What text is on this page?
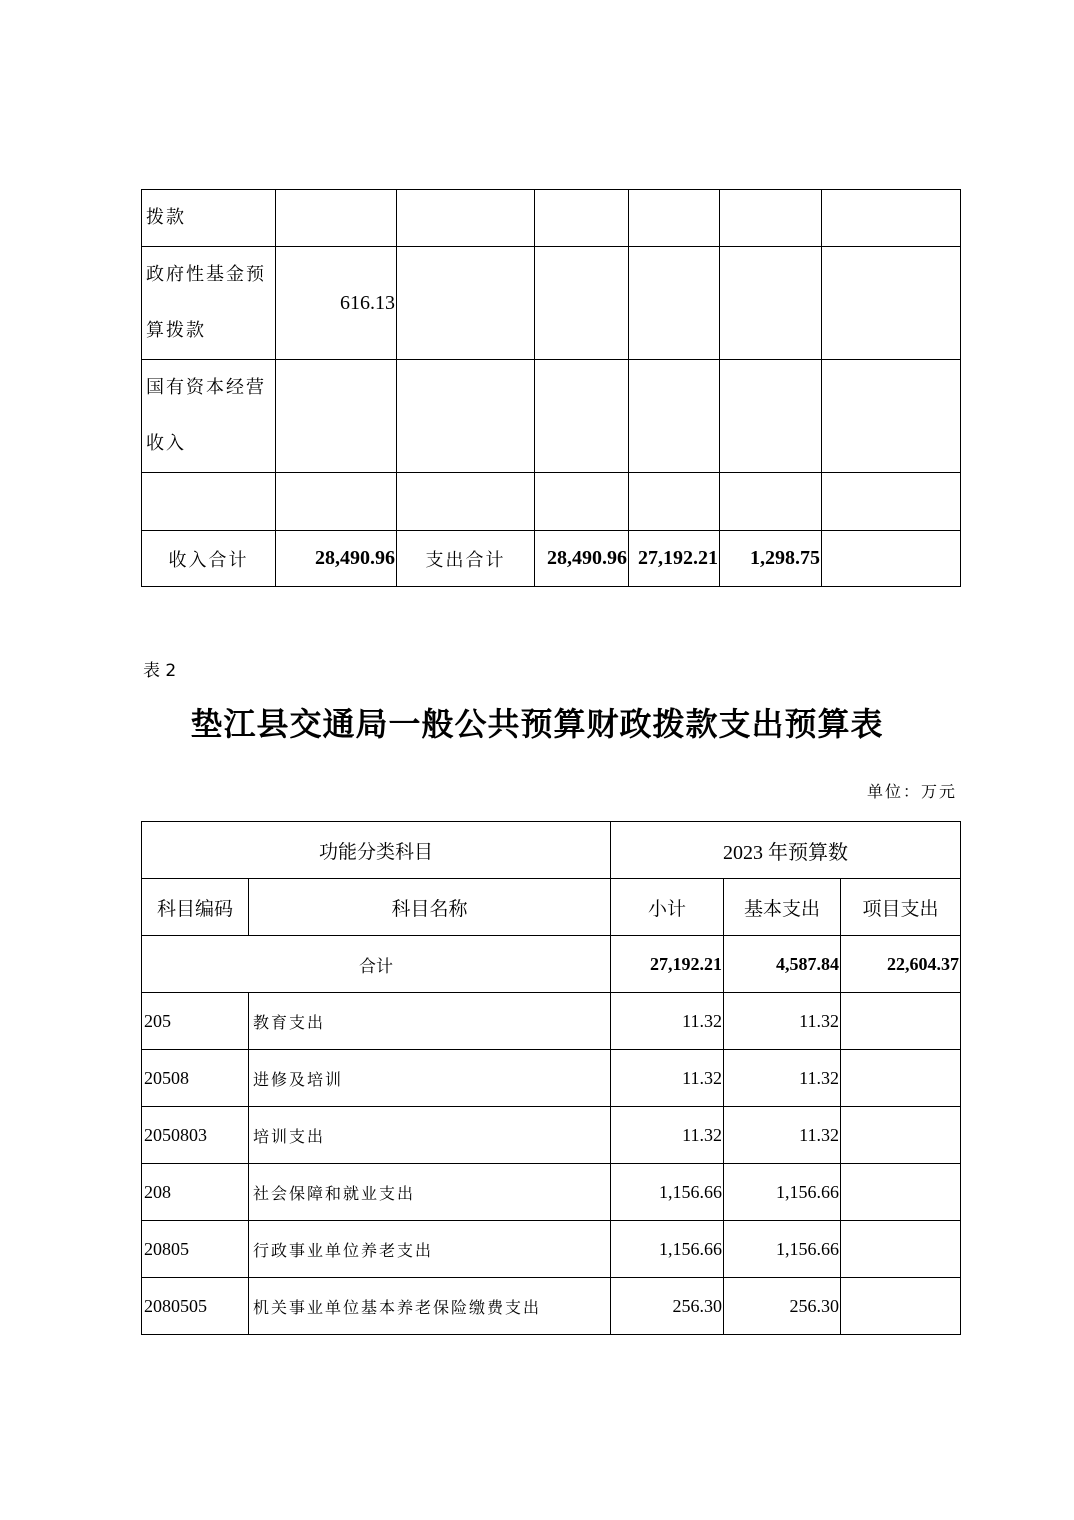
拨款						
政府性基金预算拨款	616.13					
国有资本经营收入						

收入合计	28,490.96	支出合计	28,490.96	27,192.21	1,298.75	
表 2
垫江县交通局一般公共预算财政拨款支出预算表
单位：万元
功能分类科目		2023 年预算数		
科目编码	科目名称	小计	基本支出	项目支出
合计		27,192.21	4,587.84	22,604.37
205	教育支出	11.32	11.32	
20508	进修及培训	11.32	11.32	
2050803	培训支出	11.32	11.32	
208	社会保障和就业支出	1,156.66	1,156.66	
20805	行政事业单位养老支出	1,156.66	1,156.66	
2080505	机关事业单位基本养老保险缴费支出	256.30	256.30	
